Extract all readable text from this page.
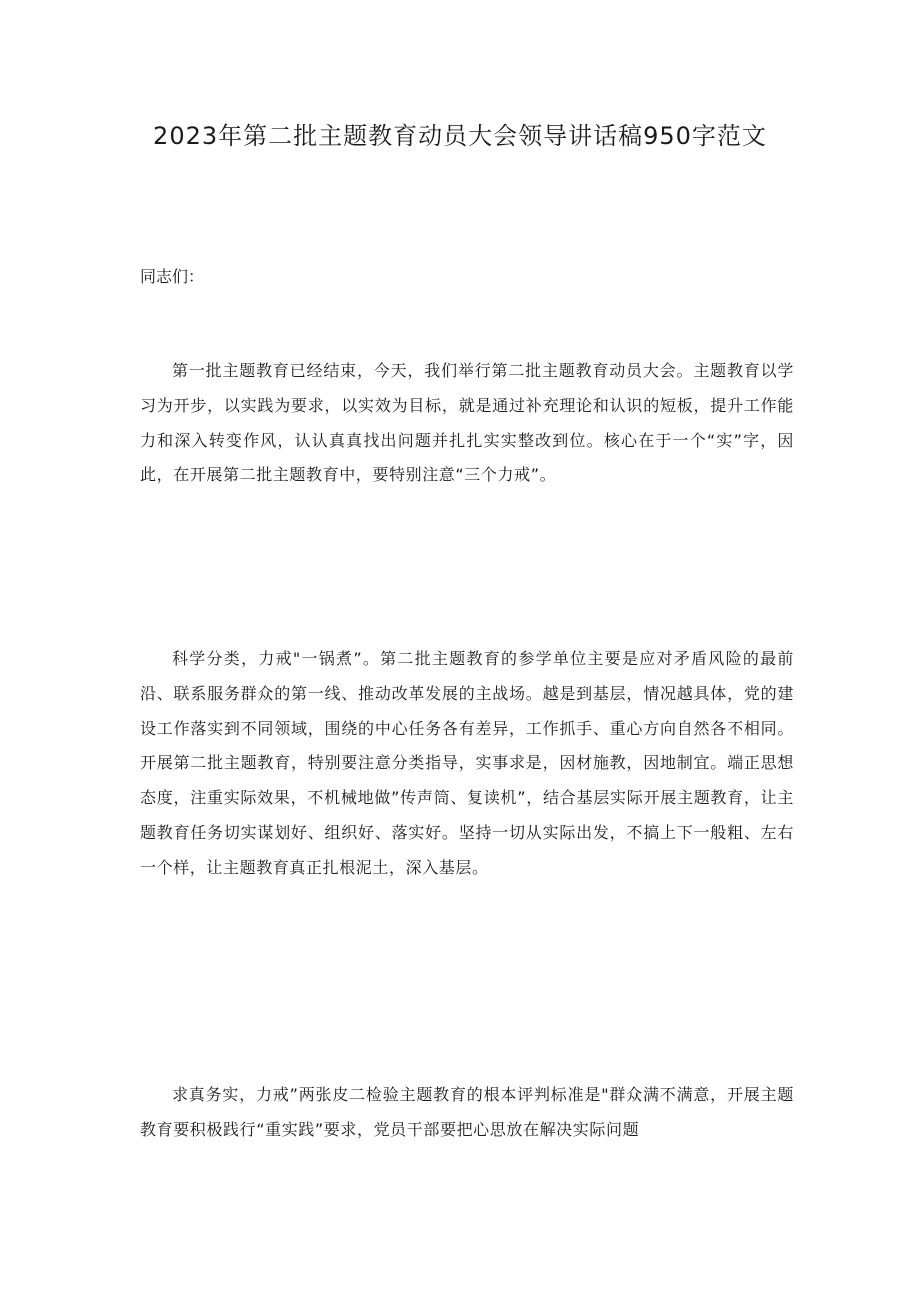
2023年第二批主题教育动员大会领导讲话稿950字范文

同志们：

第一批主题教育已经结束，今天，我们举行第二批主题教育动员大会。主题教育以学习为开步，以实践为要求，以实效为目标，就是通过补充理论和认识的短板，提升工作能力和深入转变作风，认认真真找出问题并扎扎实实整改到位。核心在于一个“实”字，因此，在开展第二批主题教育中，要特别注意“三个力戒”。

科学分类，力戒"一锅煮”。第二批主题教育的参学单位主要是应对矛盾风险的最前沿、联系服务群众的第一线、推动改革发展的主战场。越是到基层，情况越具体，党的建设工作落实到不同领域，围绕的中心任务各有差异，工作抓手、重心方向自然各不相同。开展第二批主题教育，特别要注意分类指导，实事求是，因材施教，因地制宜。端正思想态度，注重实际效果，不机械地做”传声筒、复读机”，结合基层实际开展主题教育，让主题教育任务切实谋划好、组织好、落实好。坚持一切从实际出发，不搞上下一般粗、左右一个样，让主题教育真正扎根泥土，深入基层。

求真务实，力戒”两张皮二检验主题教育的根本评判标准是"群众满不满意，开展主题教育要积极践行“重实践”要求，党员干部要把心思放在解决实际问题
